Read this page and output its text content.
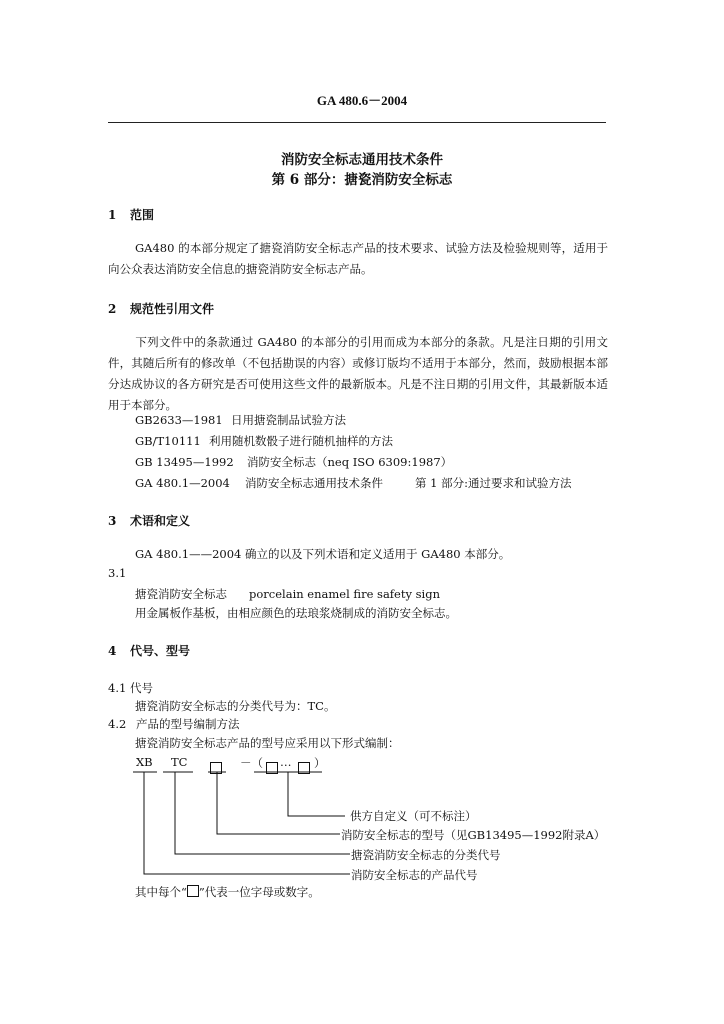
GA 480.6－2004
消防安全标志通用技术条件
第 6 部分：搪瓷消防安全标志
1 范围
GA480 的本部分规定了搪瓷消防安全标志产品的技术要求、试验方法及检验规则等，适用于向公众表达消防安全信息的搪瓷消防安全标志产品。
2 规范性引用文件
下列文件中的条款通过 GA480 的本部分的引用而成为本部分的条款。凡是注日期的引用文件，其随后所有的修改单（不包括勘误的内容）或修订版均不适用于本部分，然而，鼓励根据本部分达成协议的各方研究是否可使用这些文件的最新版本。凡是不注日期的引用文件，其最新版本适用于本部分。
GB2633—1981 日用搪瓷制品试验方法
GB/T10111 利用随机数骰子进行随机抽样的方法
GB 13495—1992 消防安全标志（neq ISO 6309:1987）
GA 480.1—2004 消防安全标志通用技术条件	第 1 部分:通过要求和试验方法
3 术语和定义
GA 480.1——2004 确立的以及下列术语和定义适用于 GA480 本部分。
3.1
搪瓷消防安全标志 porcelain enamel fire safety sign
用金属板作基板，由相应颜色的珐琅浆烧制成的消防安全标志。
4 代号、型号
4.1 代号
搪瓷消防安全标志的分类代号为：TC。
4.2 产品的型号编制方法
搪瓷消防安全标志产品的型号应采用以下形式编制：
XB TC	－（ … ）
供方自定义（可不标注）
消防安全标志的型号（见GB13495—1992附录A）
搪瓷消防安全标志的分类代号
消防安全标志的产品代号
其中每个“ ”代表一位字母或数字。
